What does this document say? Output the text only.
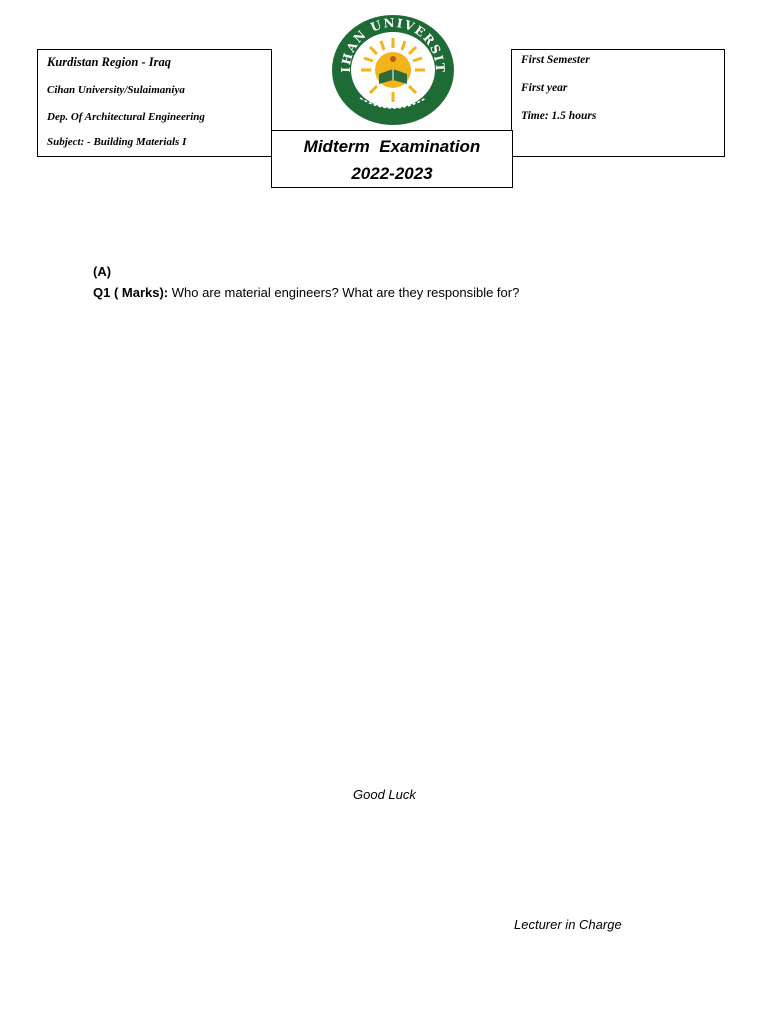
Kurdistan Region - Iraq
Cihan University/Sulaimaniya
Dep. Of Architectural Engineering
Subject: - Building Materials I
IHAN UNIVERSIT
First Semester
First year
Time: 1.5 hours
Midterm  Examination
2022-2023
(A)
Q1 ( Marks): Who are material engineers? What are they responsible for?
Good Luck
Lecturer in Charge
